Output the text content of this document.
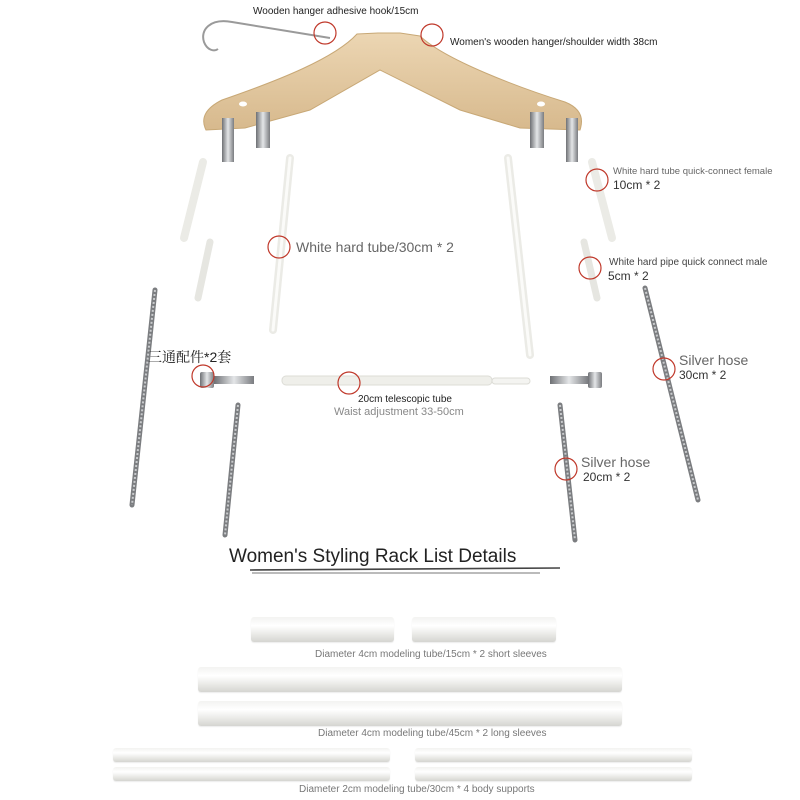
Wooden hanger adhesive hook/15cm
Women's wooden hanger/shoulder width 38cm
White hard tube quick-connect female
10cm * 2
White hard tube/30cm * 2
White hard pipe quick connect male
5cm * 2
三通配件*2套	Silver hose
30cm * 2
20cm telescopic tube
Waist adjustment 33-50cm
Silver hose
20cm * 2
Women's Styling Rack List Details
Diameter 4cm modeling tube/15cm * 2 short sleeves
Diameter 4cm modeling tube/45cm * 2 long sleeves
Diameter 2cm modeling tube/30cm * 4 body supports
